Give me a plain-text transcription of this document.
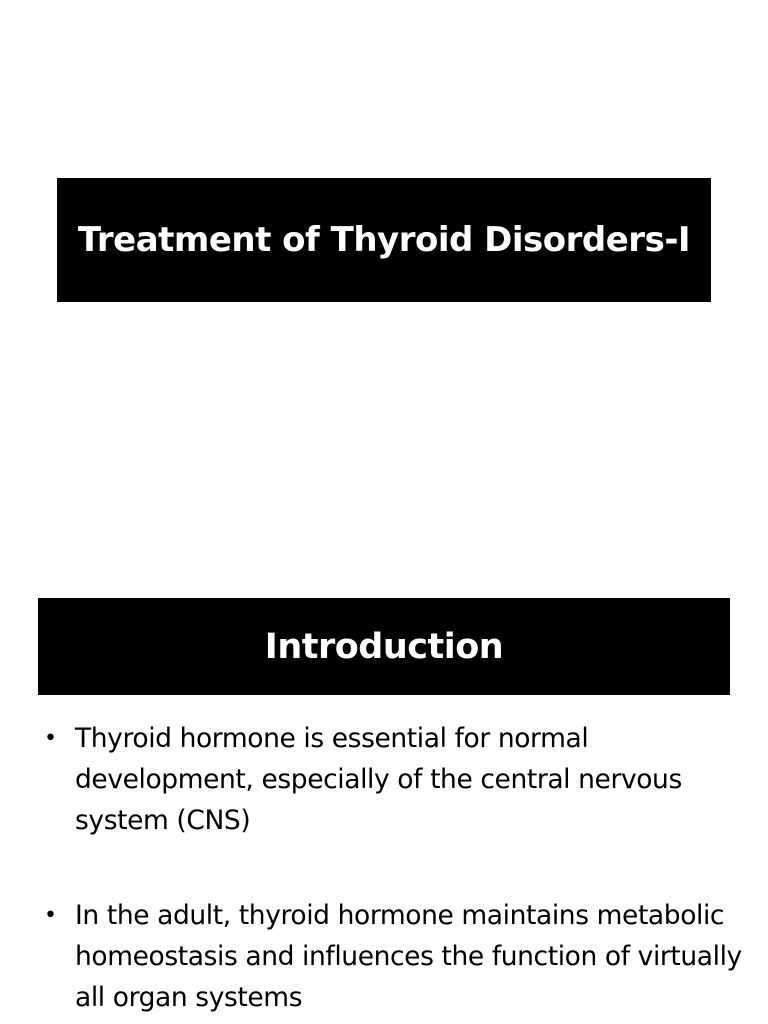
Treatment of Thyroid Disorders-I
Introduction
• Thyroid hormone is essential for normal development, especially of the central nervous system (CNS)
• In the adult, thyroid hormone maintains metabolic homeostasis and influences the function of virtually all organ systems
